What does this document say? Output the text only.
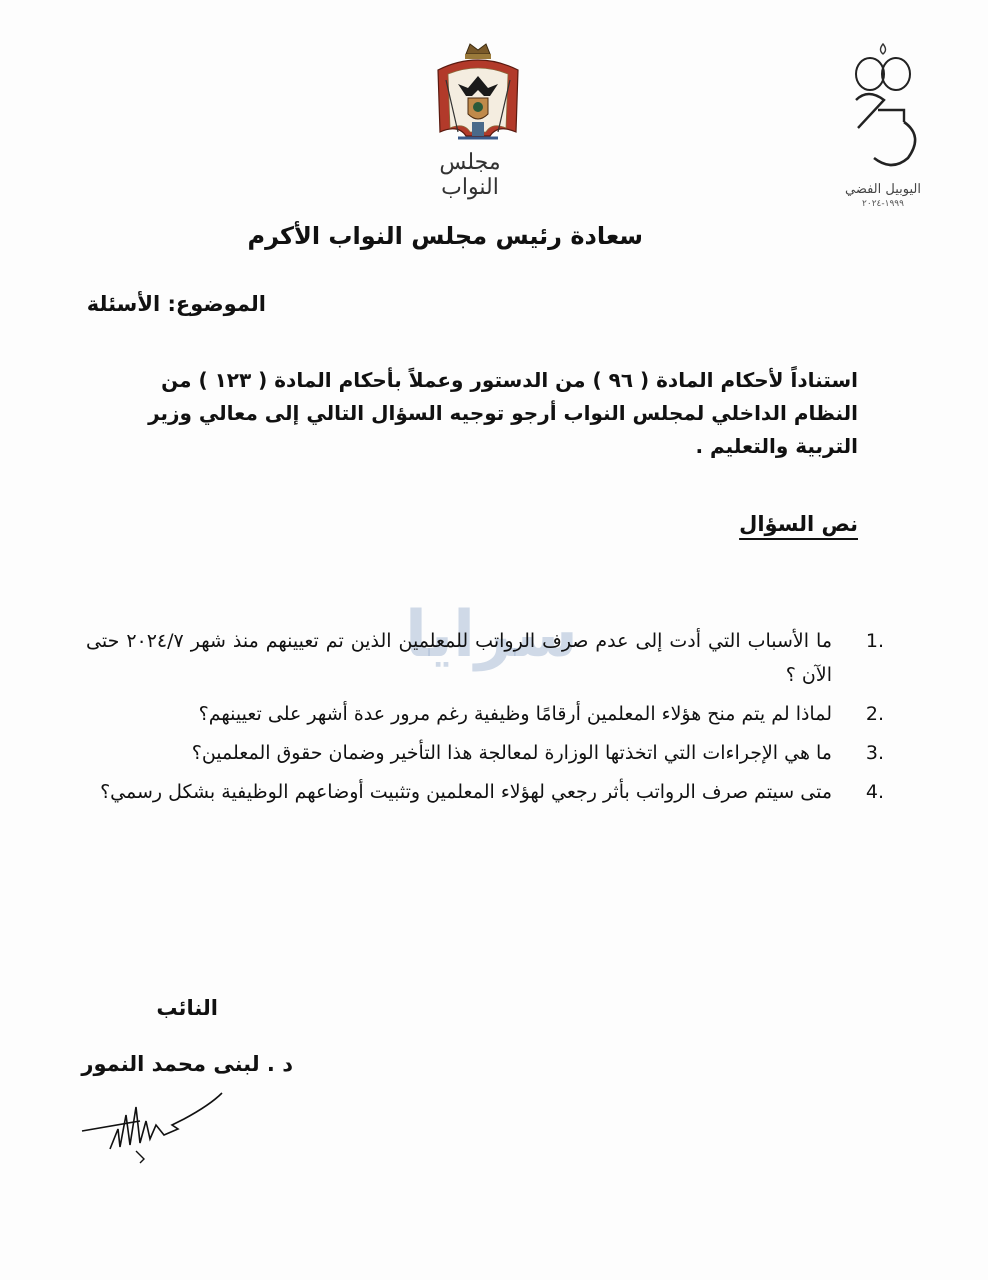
مجلس النواب	اليوبيل الفضي
١٩٩٩-٢٠٢٤
سعادة رئيس مجلس النواب الأكرم
الموضوع: الأسئلة
استناداً لأحكام المادة ( ٩٦ ) من الدستور وعملاً بأحكام المادة ( ١٢٣ ) من النظام الداخلي لمجلس النواب أرجو توجيه السؤال التالي إلى معالي وزير التربية والتعليم .
نص السؤال
سرايا	1.
ما الأسباب التي أدت إلى عدم صرف الرواتب للمعلمين الذين تم تعيينهم منذ شهر ٢٠٢٤/٧ حتى الآن ؟
2.
لماذا لم يتم منح هؤلاء المعلمين أرقامًا وظيفية رغم مرور عدة أشهر على تعيينهم؟
3.
ما هي الإجراءات التي اتخذتها الوزارة لمعالجة هذا التأخير وضمان حقوق المعلمين؟
4.
متى سيتم صرف الرواتب بأثر رجعي لهؤلاء المعلمين وتثبيت أوضاعهم الوظيفية بشكل رسمي؟
النائب
د . لبنى محمد النمور
